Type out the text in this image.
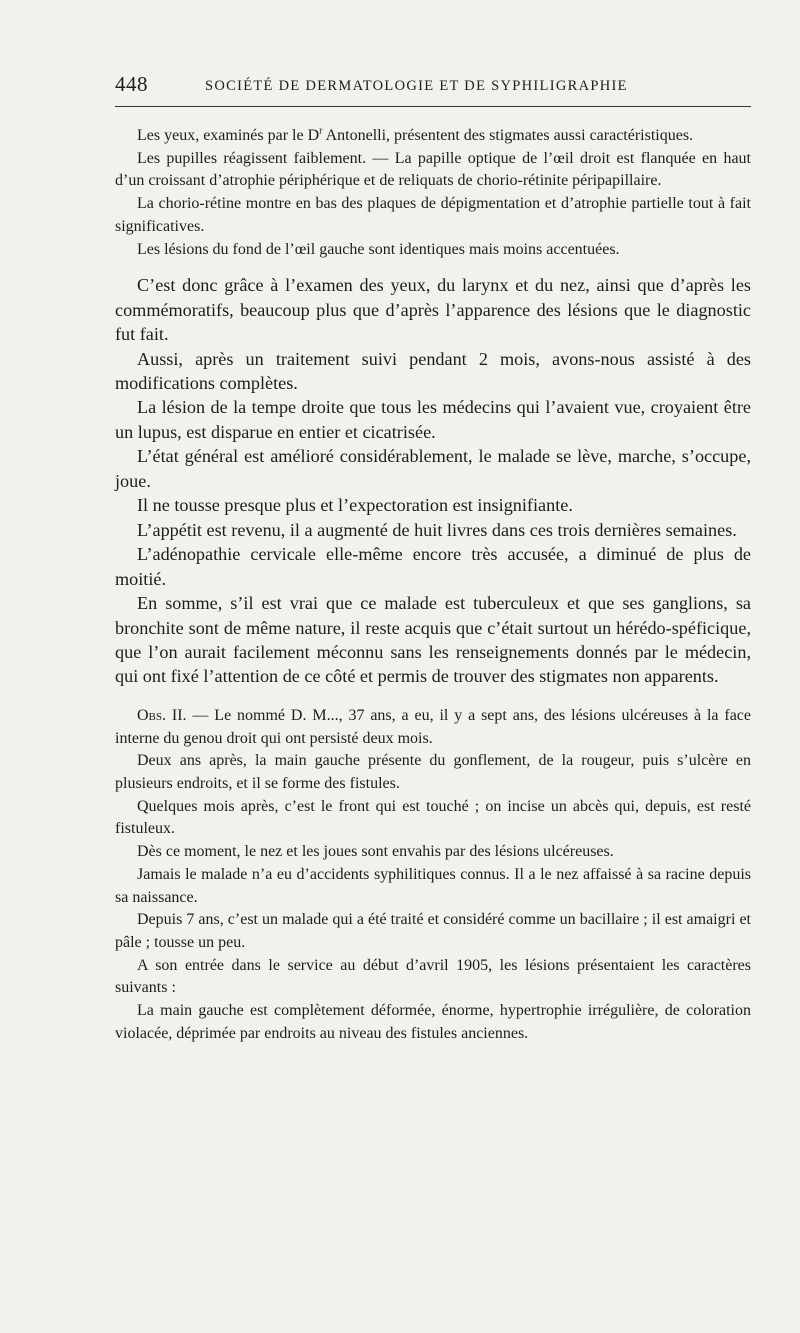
448	SOCIÉTÉ DE DERMATOLOGIE ET DE SYPHILIGRAPHIE

Les yeux, examinés par le $D^r$ Antonelli, présentent des stigmates aussi caractéristiques.

Les pupilles réagissent faiblement. — La papille optique de l’œil droit est flanquée en haut d’un croissant d’atrophie périphérique et de reliquats de chorio-rétinite péripapillaire.

La chorio-rétine montre en bas des plaques de dépigmentation et d’atrophie partielle tout à fait significatives.

Les lésions du fond de l’œil gauche sont identiques mais moins accentuées.

C’est donc grâce à l’examen des yeux, du larynx et du nez, ainsi que d’après les commémoratifs, beaucoup plus que d’après l’apparence des lésions que le diagnostic fut fait.

Aussi, après un traitement suivi pendant 2 mois, avons-nous assisté à des modifications complètes.

La lésion de la tempe droite que tous les médecins qui l’avaient vue, croyaient être un lupus, est disparue en entier et cicatrisée.

L’état général est amélioré considérablement, le malade se lève, marche, s’occupe, joue.

Il ne tousse presque plus et l’expectoration est insignifiante.

L’appétit est revenu, il a augmenté de huit livres dans ces trois dernières semaines.

L’adénopathie cervicale elle-même encore très accusée, a diminué de plus de moitié.

En somme, s’il est vrai que ce malade est tuberculeux et que ses ganglions, sa bronchite sont de même nature, il reste acquis que c’était surtout un hérédo-spéficique, que l’on aurait facilement méconnu sans les renseignements donnés par le médecin, qui ont fixé l’attention de ce côté et permis de trouver des stigmates non apparents.

Obs. II. — Le nommé D. M..., 37 ans, a eu, il y a sept ans, des lésions ulcéreuses à la face interne du genou droit qui ont persisté deux mois.

Deux ans après, la main gauche présente du gonflement, de la rougeur, puis s’ulcère en plusieurs endroits, et il se forme des fistules.

Quelques mois après, c’est le front qui est touché ; on incise un abcès qui, depuis, est resté fistuleux.

Dès ce moment, le nez et les joues sont envahis par des lésions ulcéreuses.

Jamais le malade n’a eu d’accidents syphilitiques connus. Il a le nez affaissé à sa racine depuis sa naissance.

Depuis 7 ans, c’est un malade qui a été traité et considéré comme un bacillaire ; il est amaigri et pâle ; tousse un peu.

A son entrée dans le service au début d’avril 1905, les lésions présentaient les caractères suivants :

La main gauche est complètement déformée, énorme, hypertrophie irrégulière, de coloration violacée, déprimée par endroits au niveau des fistules anciennes.
